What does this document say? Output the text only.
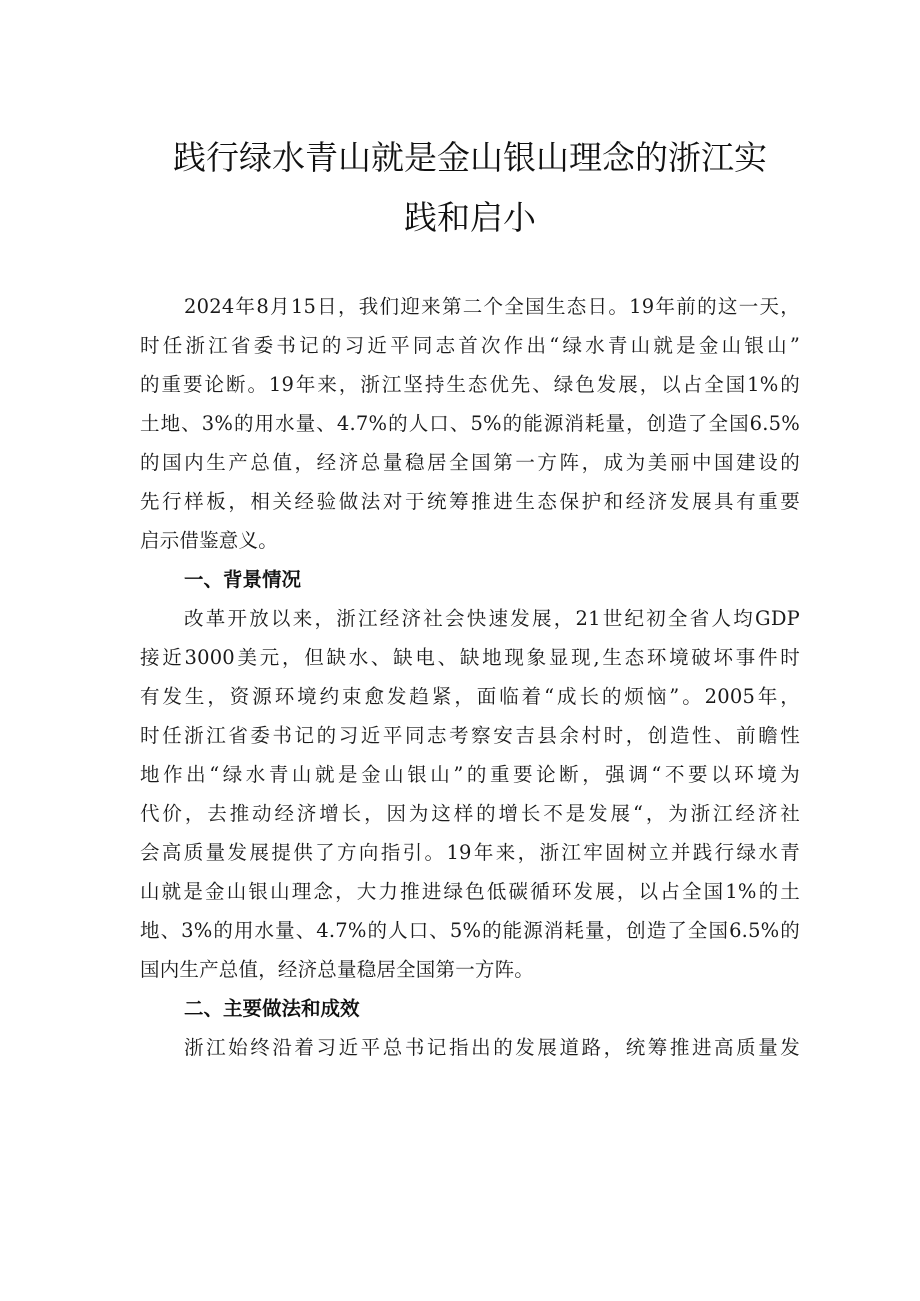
践行绿水青山就是金山银山理念的浙江实
践和启小
2024年8月15日，我们迎来第二个全国生态日。19年前的这一天，
时任浙江省委书记的习近平同志首次作出“绿水青山就是金山银山”
的重要论断。19年来，浙江坚持生态优先、绿色发展，以占全国1%的
土地、3%的用水量、4.7%的人口、5%的能源消耗量，创造了全国6.5%
的国内生产总值，经济总量稳居全国第一方阵，成为美丽中国建设的
先行样板，相关经验做法对于统筹推进生态保护和经济发展具有重要
启示借鉴意义。
一、背景情况
改革开放以来，浙江经济社会快速发展，21世纪初全省人均GDP
接近3000美元，但缺水、缺电、缺地现象显现,生态环境破坏事件时
有发生，资源环境约束愈发趋紧，面临着“成长的烦恼”。2005年，
时任浙江省委书记的习近平同志考察安吉县余村时，创造性、前瞻性
地作出“绿水青山就是金山银山”的重要论断，强调“不要以环境为
代价，去推动经济增长，因为这样的增长不是发展“，为浙江经济社
会高质量发展提供了方向指引。19年来，浙江牢固树立并践行绿水青
山就是金山银山理念，大力推进绿色低碳循环发展，以占全国1%的土
地、3%的用水量、4.7%的人口、5%的能源消耗量，创造了全国6.5%的
国内生产总值，经济总量稳居全国第一方阵。
二、主要做法和成效
浙江始终沿着习近平总书记指出的发展道路，统筹推进高质量发
